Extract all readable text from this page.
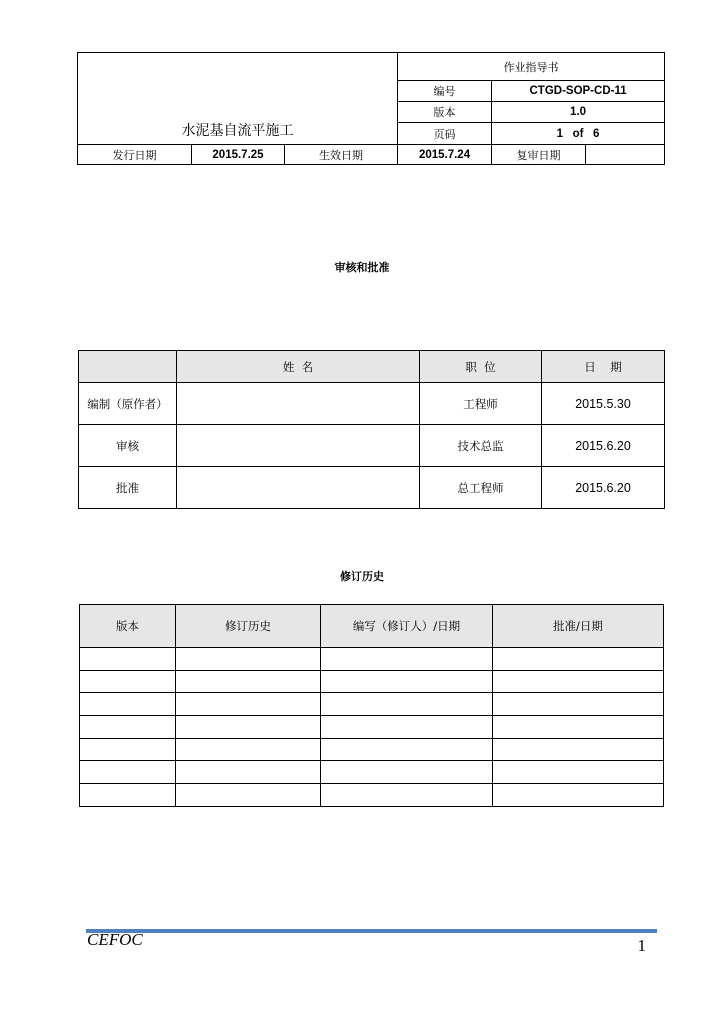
水泥基自流平施工			作业指导书		
			编号	CTGD-SOP-CD-11	
			版本	1.0	
			页码	1   of   6	
发行日期	2015.7.25	生效日期	2015.7.24	复审日期	
审核和批准
	姓  名	职  位	日    期
编制（原作者）		工程师	2015.5.30
审核		技术总监	2015.6.20
批准		总工程师	2015.6.20
修订历史
版本	修订历史	编写（修订人）/日期	批准/日期

CEFOC	1
